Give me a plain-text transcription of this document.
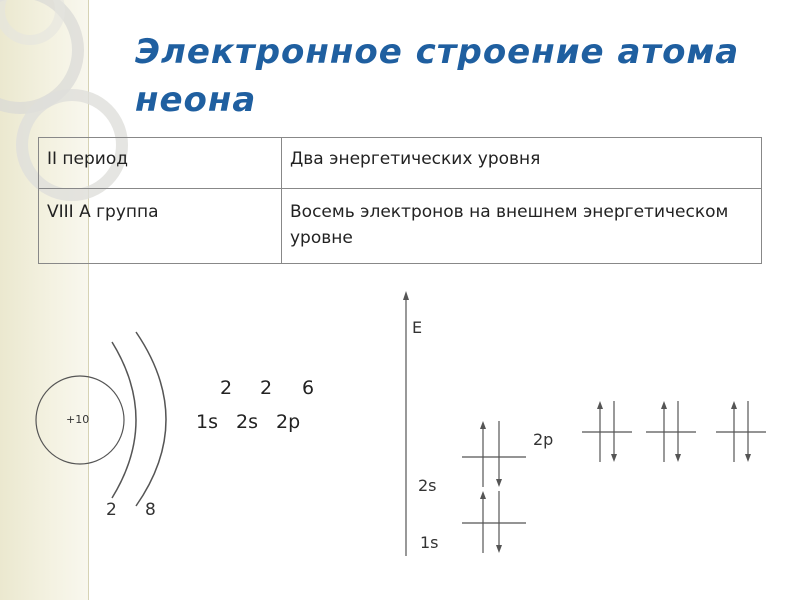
Электронное строение атома неона
II период	Два энергетических уровня
VIII А группа	Восемь электронов на внешнем энергетическом уровне
+10
2 8
2 2 6
1s 2s 2p
E
2p
2s
1s
